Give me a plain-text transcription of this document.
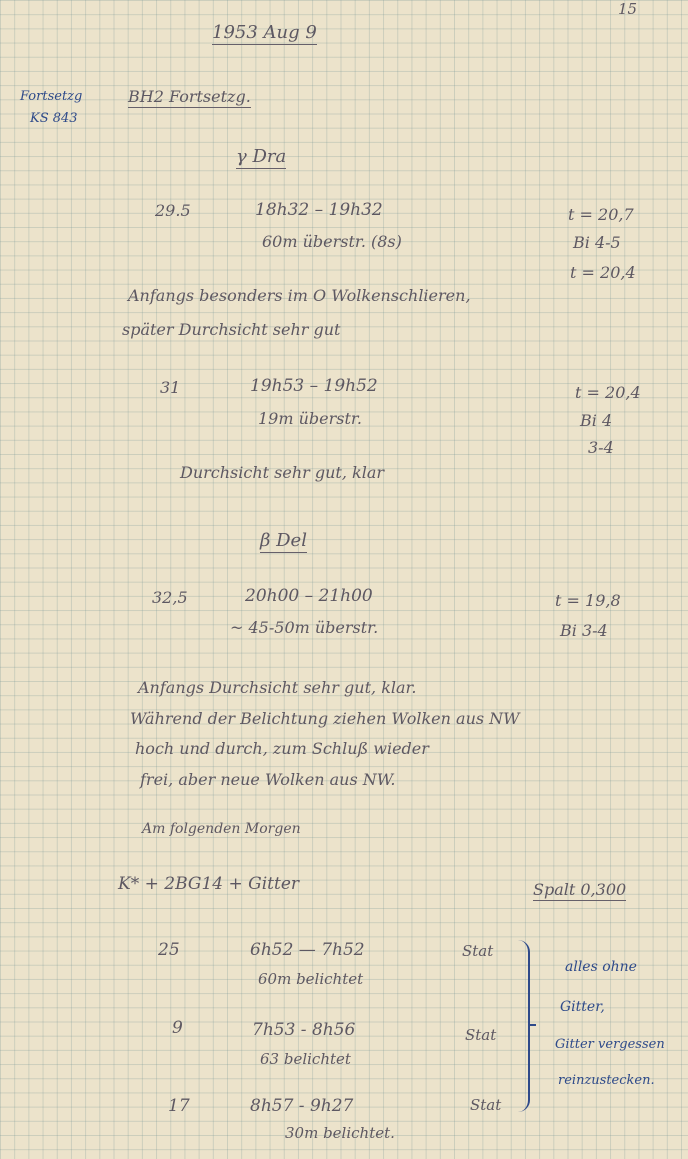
15
1953 Aug 9
Fortsetzg
KS 843
BH2 Fortsetzg.
γ Dra
29.5	18h32 – 19h32
60m überstr. (8s)
t = 20,7
Bi 4-5
t = 20,4
Anfangs besonders im O Wolkenschlieren,
später Durchsicht sehr gut
31	19h53 – 19h52
19m überstr.
t = 20,4
Bi 4
3-4
Durchsicht sehr gut, klar
β Del
32,5	20h00 – 21h00
~ 45-50m überstr.
t = 19,8
Bi 3-4
Anfangs Durchsicht sehr gut, klar.
Während der Belichtung ziehen Wolken aus NW
hoch und durch, zum Schluß wieder
frei, aber neue Wolken aus NW.
Am folgenden Morgen
K* + 2BG14 + Gitter	Spalt 0,300
25	6h52 — 7h52
60m belichtet
Stat
9	7h53 - 8h56
63 belichtet
Stat
17	8h57 - 9h27
30m belichtet.
Stat
alles ohne
Gitter,
Gitter vergessen
reinzustecken.
